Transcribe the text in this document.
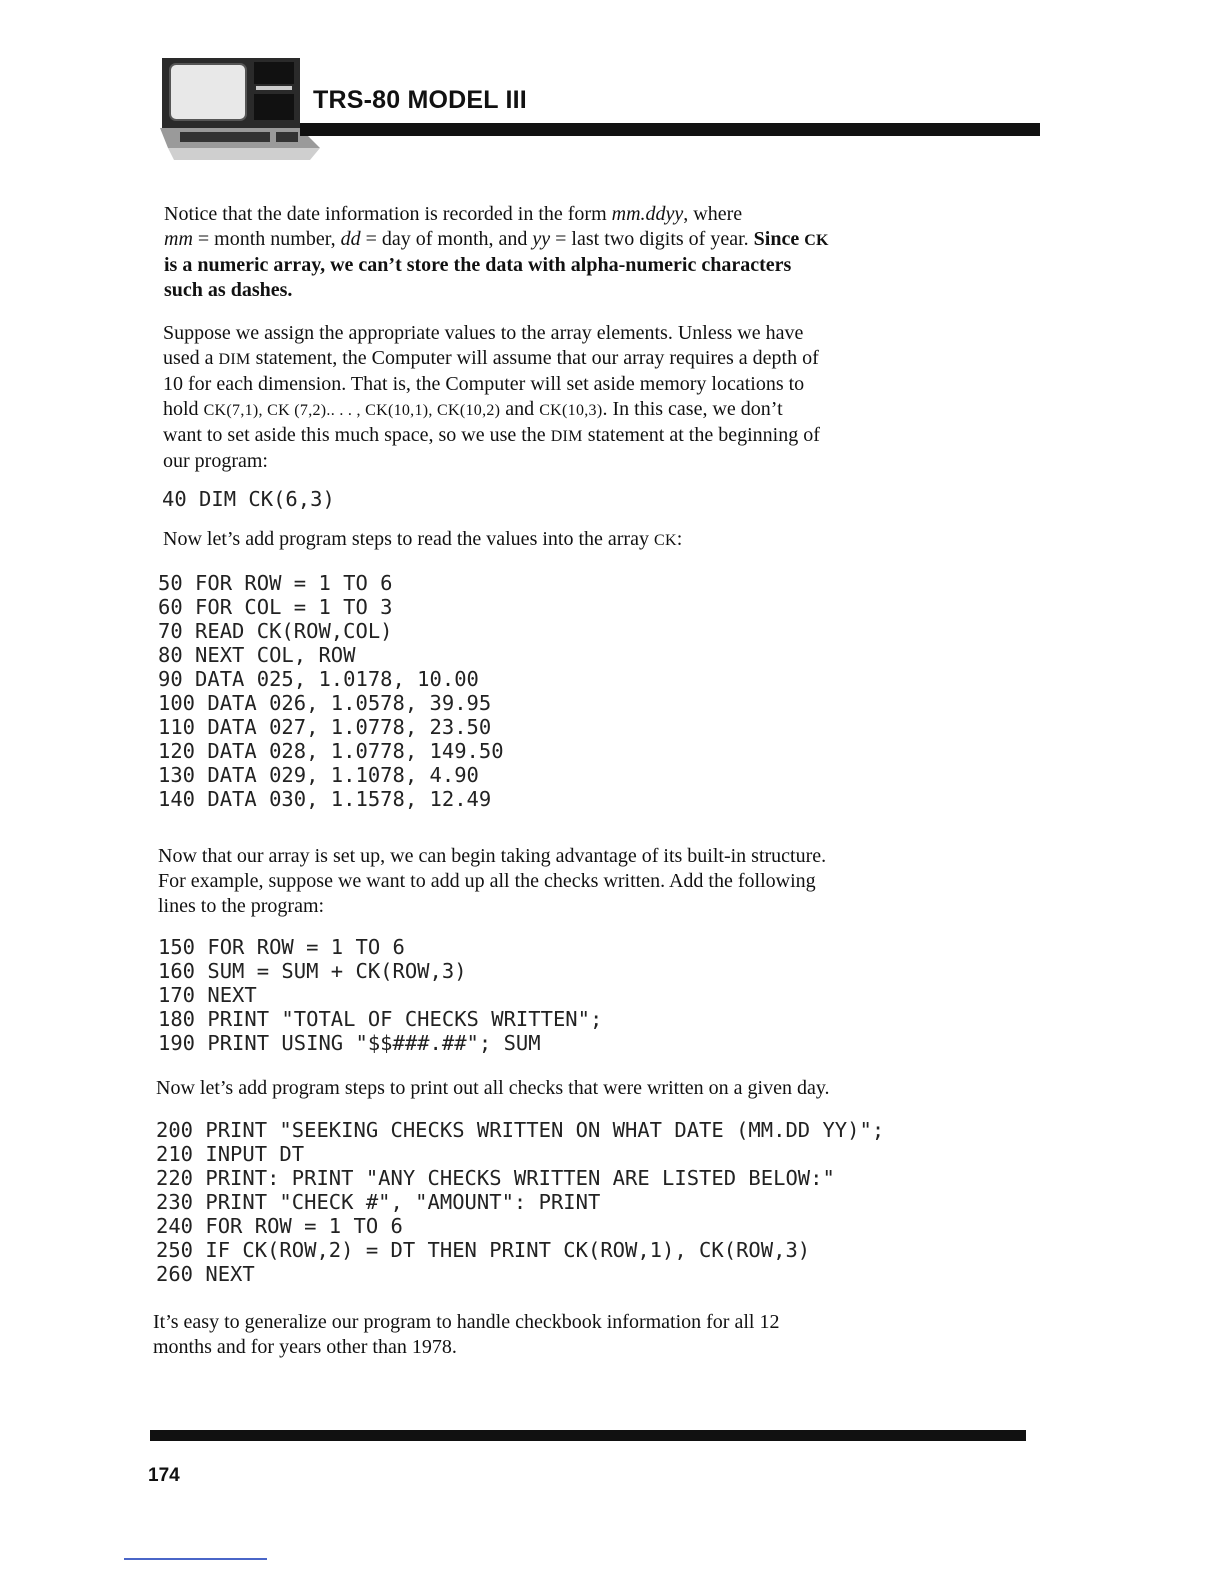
TRS-80 MODEL III

Notice that the date information is recorded in the form mm.ddyy, where
mm = month number, dd = day of month, and yy = last two digits of year. Since CK
is a numeric array, we can’t store the data with alpha-numeric characters
such as dashes.

Suppose we assign the appropriate values to the array elements. Unless we have
used a DIM statement, the Computer will assume that our array requires a depth of
10 for each dimension. That is, the Computer will set aside memory locations to
hold CK(7,1), CK (7,2).. . . , CK(10,1), CK(10,2) and CK(10,3). In this case, we don’t
want to set aside this much space, so we use the DIM statement at the beginning of
our program:

40 DIM CK(6,3)

Now let’s add program steps to read the values into the array CK:

50 FOR ROW = 1 TO 6
60 FOR COL = 1 TO 3
70 READ CK(ROW,COL)
80 NEXT COL, ROW
90 DATA 025, 1.0178, 10.00
100 DATA 026, 1.0578, 39.95
110 DATA 027, 1.0778, 23.50
120 DATA 028, 1.0778, 149.50
130 DATA 029, 1.1078, 4.90
140 DATA 030, 1.1578, 12.49

Now that our array is set up, we can begin taking advantage of its built-in structure.
For example, suppose we want to add up all the checks written. Add the following
lines to the program:

150 FOR ROW = 1 TO 6
160 SUM = SUM + CK(ROW,3)
170 NEXT
180 PRINT "TOTAL OF CHECKS WRITTEN";
190 PRINT USING "$$###.##"; SUM

Now let’s add program steps to print out all checks that were written on a given day.

200 PRINT "SEEKING CHECKS WRITTEN ON WHAT DATE (MM.DD YY)";
210 INPUT DT
220 PRINT: PRINT "ANY CHECKS WRITTEN ARE LISTED BELOW:"
230 PRINT "CHECK #", "AMOUNT": PRINT
240 FOR ROW = 1 TO 6
250 IF CK(ROW,2) = DT THEN PRINT CK(ROW,1), CK(ROW,3)
260 NEXT

It’s easy to generalize our program to handle checkbook information for all 12
months and for years other than 1978.

174
